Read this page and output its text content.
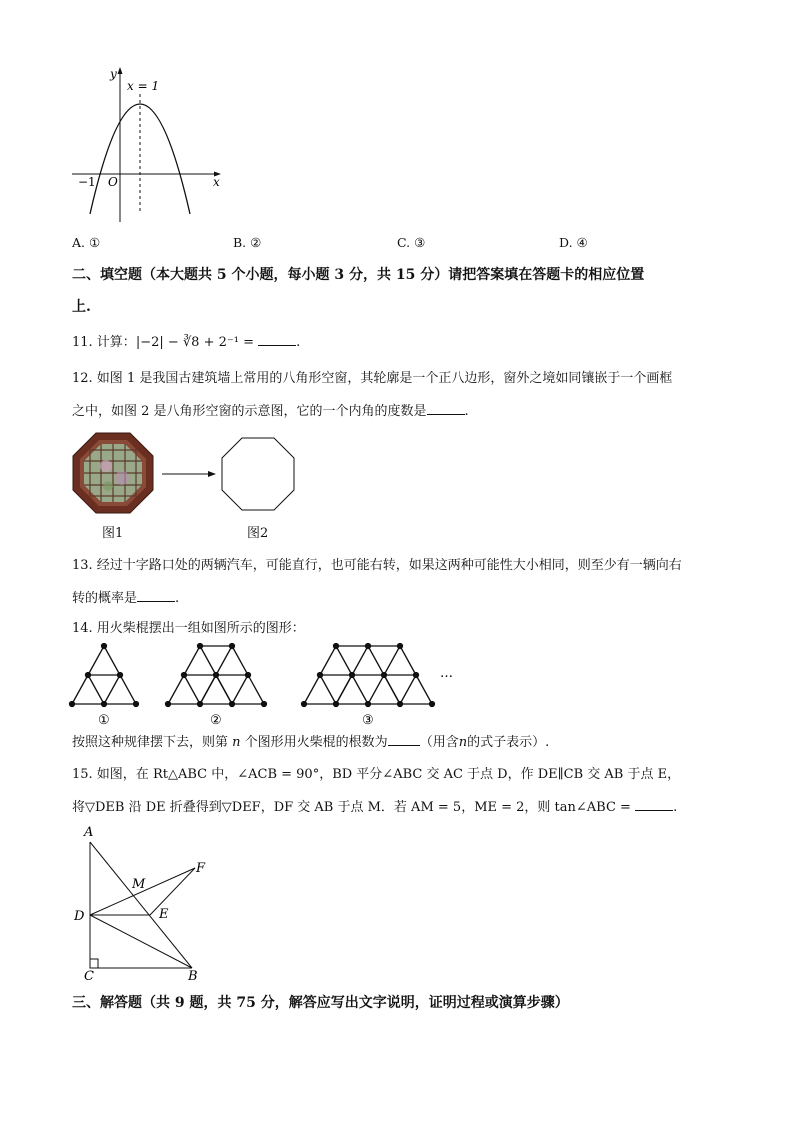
y
x
O
−1
x = 1
A. ①	B. ②	C. ③	D. ④
二、填空题（本大题共 5 个小题，每小题 3 分，共 15 分）请把答案填在答题卡的相应位置
上.
11. 计算：|−2| − ∛8 + 2⁻¹ =	.
12. 如图 1 是我国古建筑墙上常用的八角形空窗，其轮廓是一个正八边形，窗外之境如同镶嵌于一个画框
之中，如图 2 是八角形空窗的示意图，它的一个内角的度数是	.
图1	图2
13. 经过十字路口处的两辆汽车，可能直行，也可能右转，如果这两种可能性大小相同，则至少有一辆向右
转的概率是	.
14. 用火柴棍摆出一组如图所示的图形：
①	②	③
…
按照这种规律摆下去，则第 n 个图形用火柴棍的根数为 （用含n的式子表示）.
15. 如图，在 Rt△ABC 中，∠ACB = 90°，BD 平分∠ABC 交 AC 于点 D，作 DE∥CB 交 AB 于点 E，
将▽DEB 沿 DE 折叠得到▽DEF，DF 交 AB 于点 M．若 AM = 5，ME = 2，则 tan∠ABC =	.
A
M
F
D	E
C	B
三、解答题（共 9 题，共 75 分，解答应写出文字说明，证明过程或演算步骤）
